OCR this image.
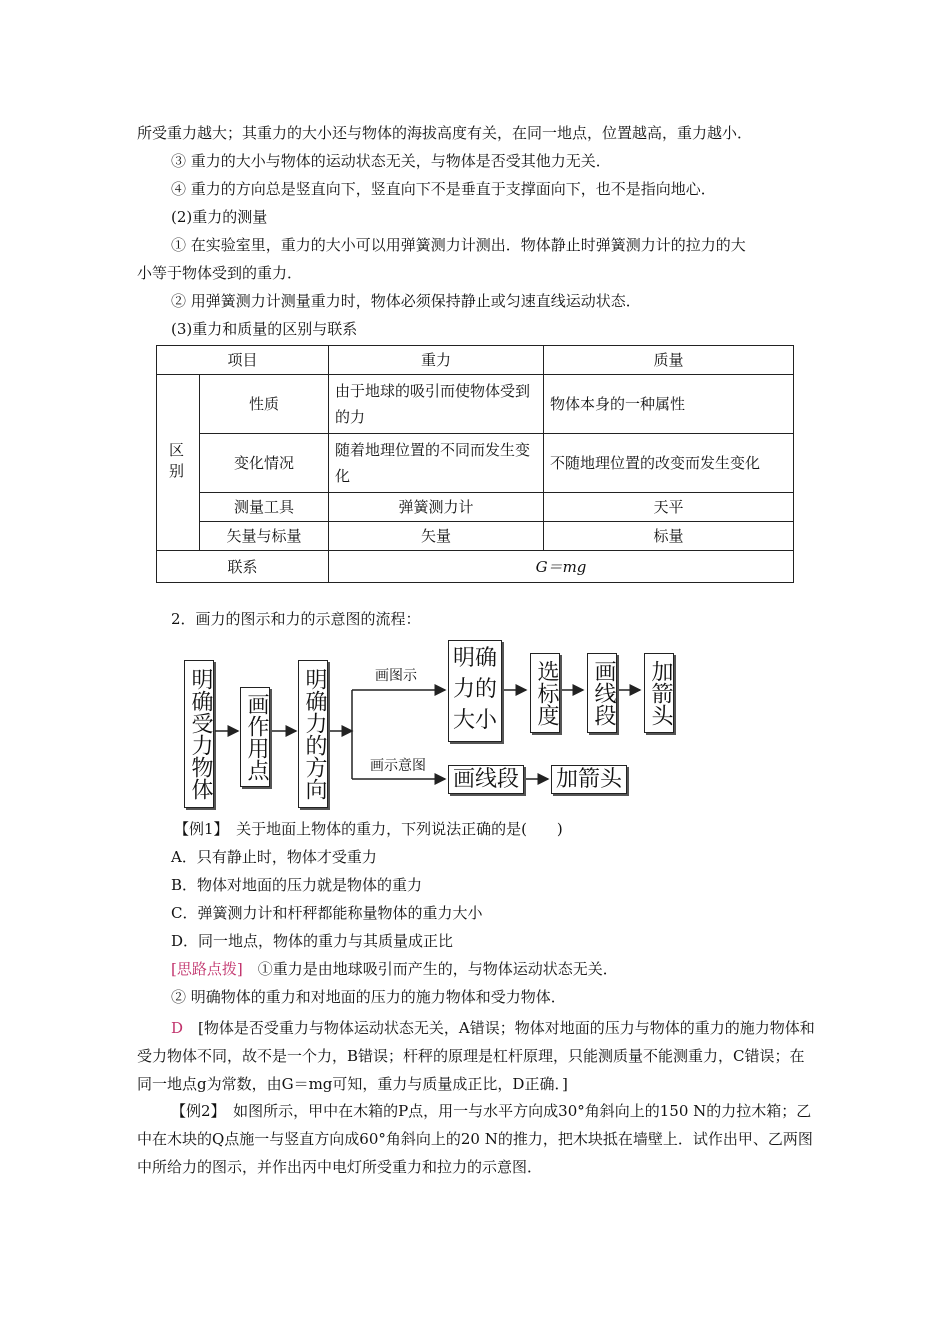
所受重力越大；其重力的大小还与物体的海拔高度有关，在同一地点，位置越高，重力越小．
③ 重力的大小与物体的运动状态无关，与物体是否受其他力无关．
④ 重力的方向总是竖直向下，竖直向下不是垂直于支撑面向下，也不是指向地心．
(2)重力的测量
① 在实验室里，重力的大小可以用弹簧测力计测出．物体静止时弹簧测力计的拉力的大
小等于物体受到的重力．
② 用弹簧测力计测量重力时，物体必须保持静止或匀速直线运动状态．
(3)重力和质量的区别与联系
项目		重力	质量

区别	性质	由于地球的吸引而使物体受到的力	物体本身的一种属性
	变化情况	随着地理位置的不同而发生变化	不随地理位置的改变而发生变化
	测量工具	弹簧测力计	天平
	矢量与标量	矢量	标量
联系		G＝mg	
2．画力的图示和力的示意图的流程：
明确受力物体 画作用点 明确力的方向	画图示
画示意图
明确力的大小 选标度 画线段 加箭头
画线段 加箭头
【例1】　 关于地面上物体的重力，下列说法正确的是(　　)
A．只有静止时，物体才受重力
B．物体对地面的压力就是物体的重力
C．弹簧测力计和杆秤都能称量物体的重力大小
D．同一地点，物体的重力与其质量成正比
[思路点拨]　 ①重力是由地球吸引而产生的，与物体运动状态无关．
② 明确物体的重力和对地面的压力的施力物体和受力物体．
D　 [物体是否受重力与物体运动状态无关，A错误；物体对地面的压力与物体的重力的施力物体和受力物体不同，故不是一个力，B错误；杆秤的原理是杠杆原理，只能测质量不能测重力，C错误；在同一地点g为常数，由G＝mg可知，重力与质量成正比，D正确．]
【例2】　 如图所示，甲中在木箱的P点，用一与水平方向成30°角斜向上的150 N的力拉木箱；乙中在木块的Q点施一与竖直方向成60°角斜向上的20 N的推力，把木块抵在墙壁上．试作出甲、乙两图中所给力的图示，并作出丙中电灯所受重力和拉力的示意图．
